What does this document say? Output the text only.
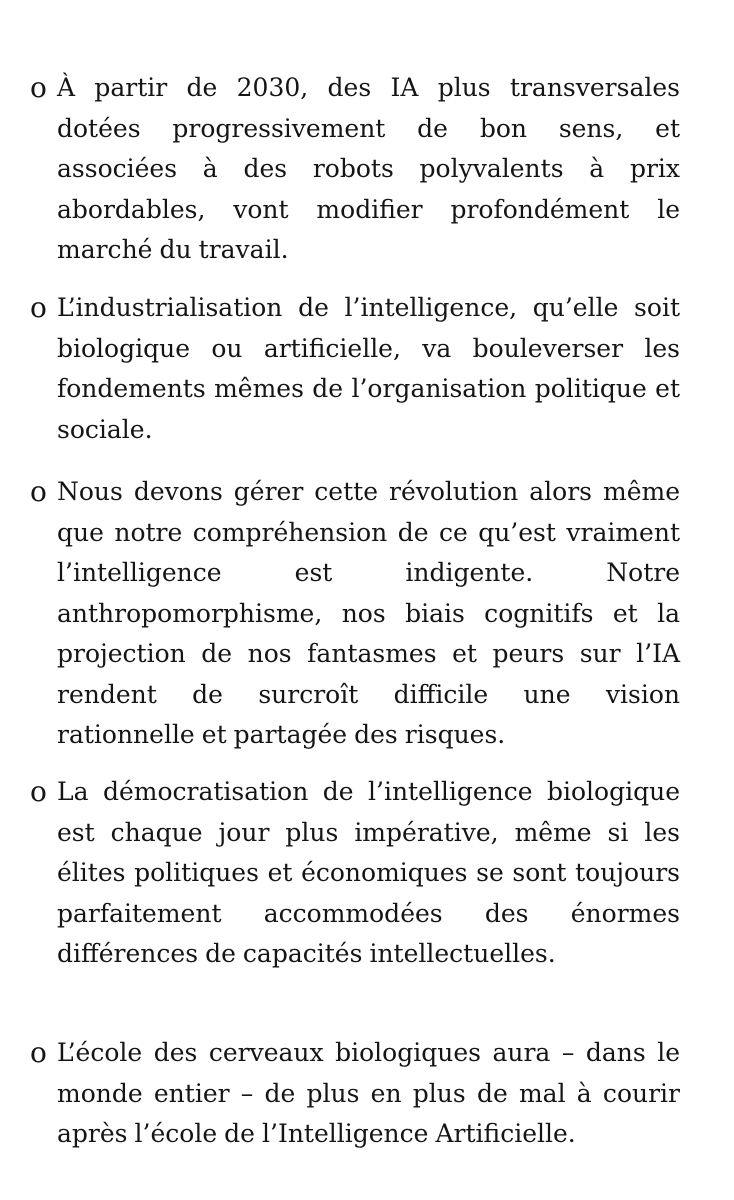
o À partir de 2030, des IA plus transversales dotées progressivement de bon sens, et associées à des robots polyvalents à prix abordables, vont modifier profondément le marché du travail.

o L’industrialisation de l’intelligence, qu’elle soit biologique ou artificielle, va bouleverser les fondements mêmes de l’organisation politique et sociale.

o Nous devons gérer cette révolution alors même que notre compréhension de ce qu’est vraiment l’intelligence est indigente. Notre anthropomorphisme, nos biais cognitifs et la projection de nos fantasmes et peurs sur l’IA rendent de surcroît difficile une vision rationnelle et partagée des risques.

o La démocratisation de l’intelligence biologique est chaque jour plus impérative, même si les élites politiques et économiques se sont toujours parfaitement accommodées des énormes différences de capacités intellectuelles.

o L’école des cerveaux biologiques aura – dans le monde entier – de plus en plus de mal à courir après l’école de l’Intelligence Artificielle.
